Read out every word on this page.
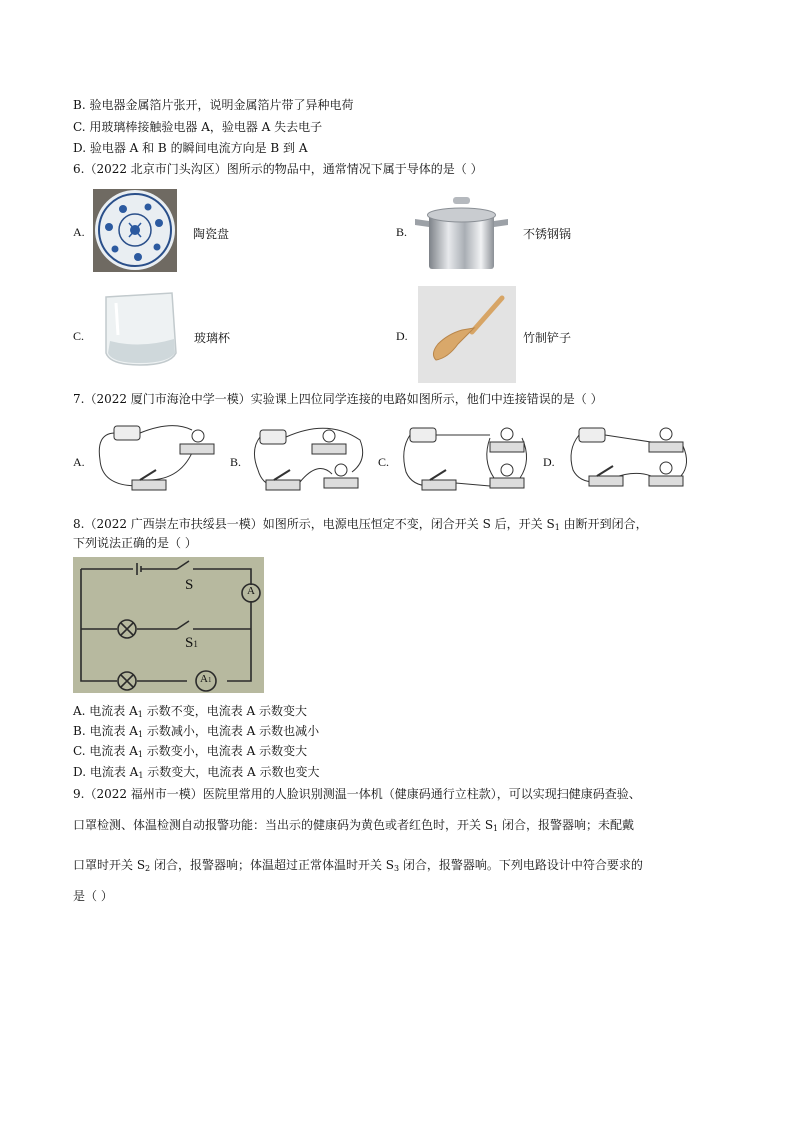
B. 验电器金属箔片张开，说明金属箔片带了异种电荷
C. 用玻璃棒接触验电器 A，验电器 A 失去电子
D. 验电器 A 和 B 的瞬间电流方向是 B 到 A
6.（2022 北京市门头沟区）图所示的物品中，通常情况下属于导体的是（ ）
A.	陶瓷盘	B.	不锈钢锅
C.	玻璃杯	D.	竹制铲子
7.（2022 厦门市海沧中学一模）实验课上四位同学连接的电路如图所示，他们中连接错误的是（ ）
A.	B.	C.	D.
8.（2022 广西崇左市扶绥县一模）如图所示，电源电压恒定不变，闭合开关 S 后，开关 $S_1$ 由断开到闭合，
下列说法正确的是（ ）
S
S1
A
A1
A. 电流表 $A_1$ 示数不变，电流表 A 示数变大
B. 电流表 $A_1$ 示数减小，电流表 A 示数也减小
C. 电流表 $A_1$ 示数变小，电流表 A 示数变大
D. 电流表 $A_1$ 示数变大，电流表 A 示数也变大
9.（2022 福州市一模）医院里常用的人脸识别测温一体机（健康码通行立柱款），可以实现扫健康码查验、
口罩检测、体温检测自动报警功能：当出示的健康码为黄色或者红色时，开关 $S_1$ 闭合，报警器响；未配戴
口罩时开关 $S_2$ 闭合，报警器响；体温超过正常体温时开关 $S_3$ 闭合，报警器响。下列电路设计中符合要求的
是（ ）
